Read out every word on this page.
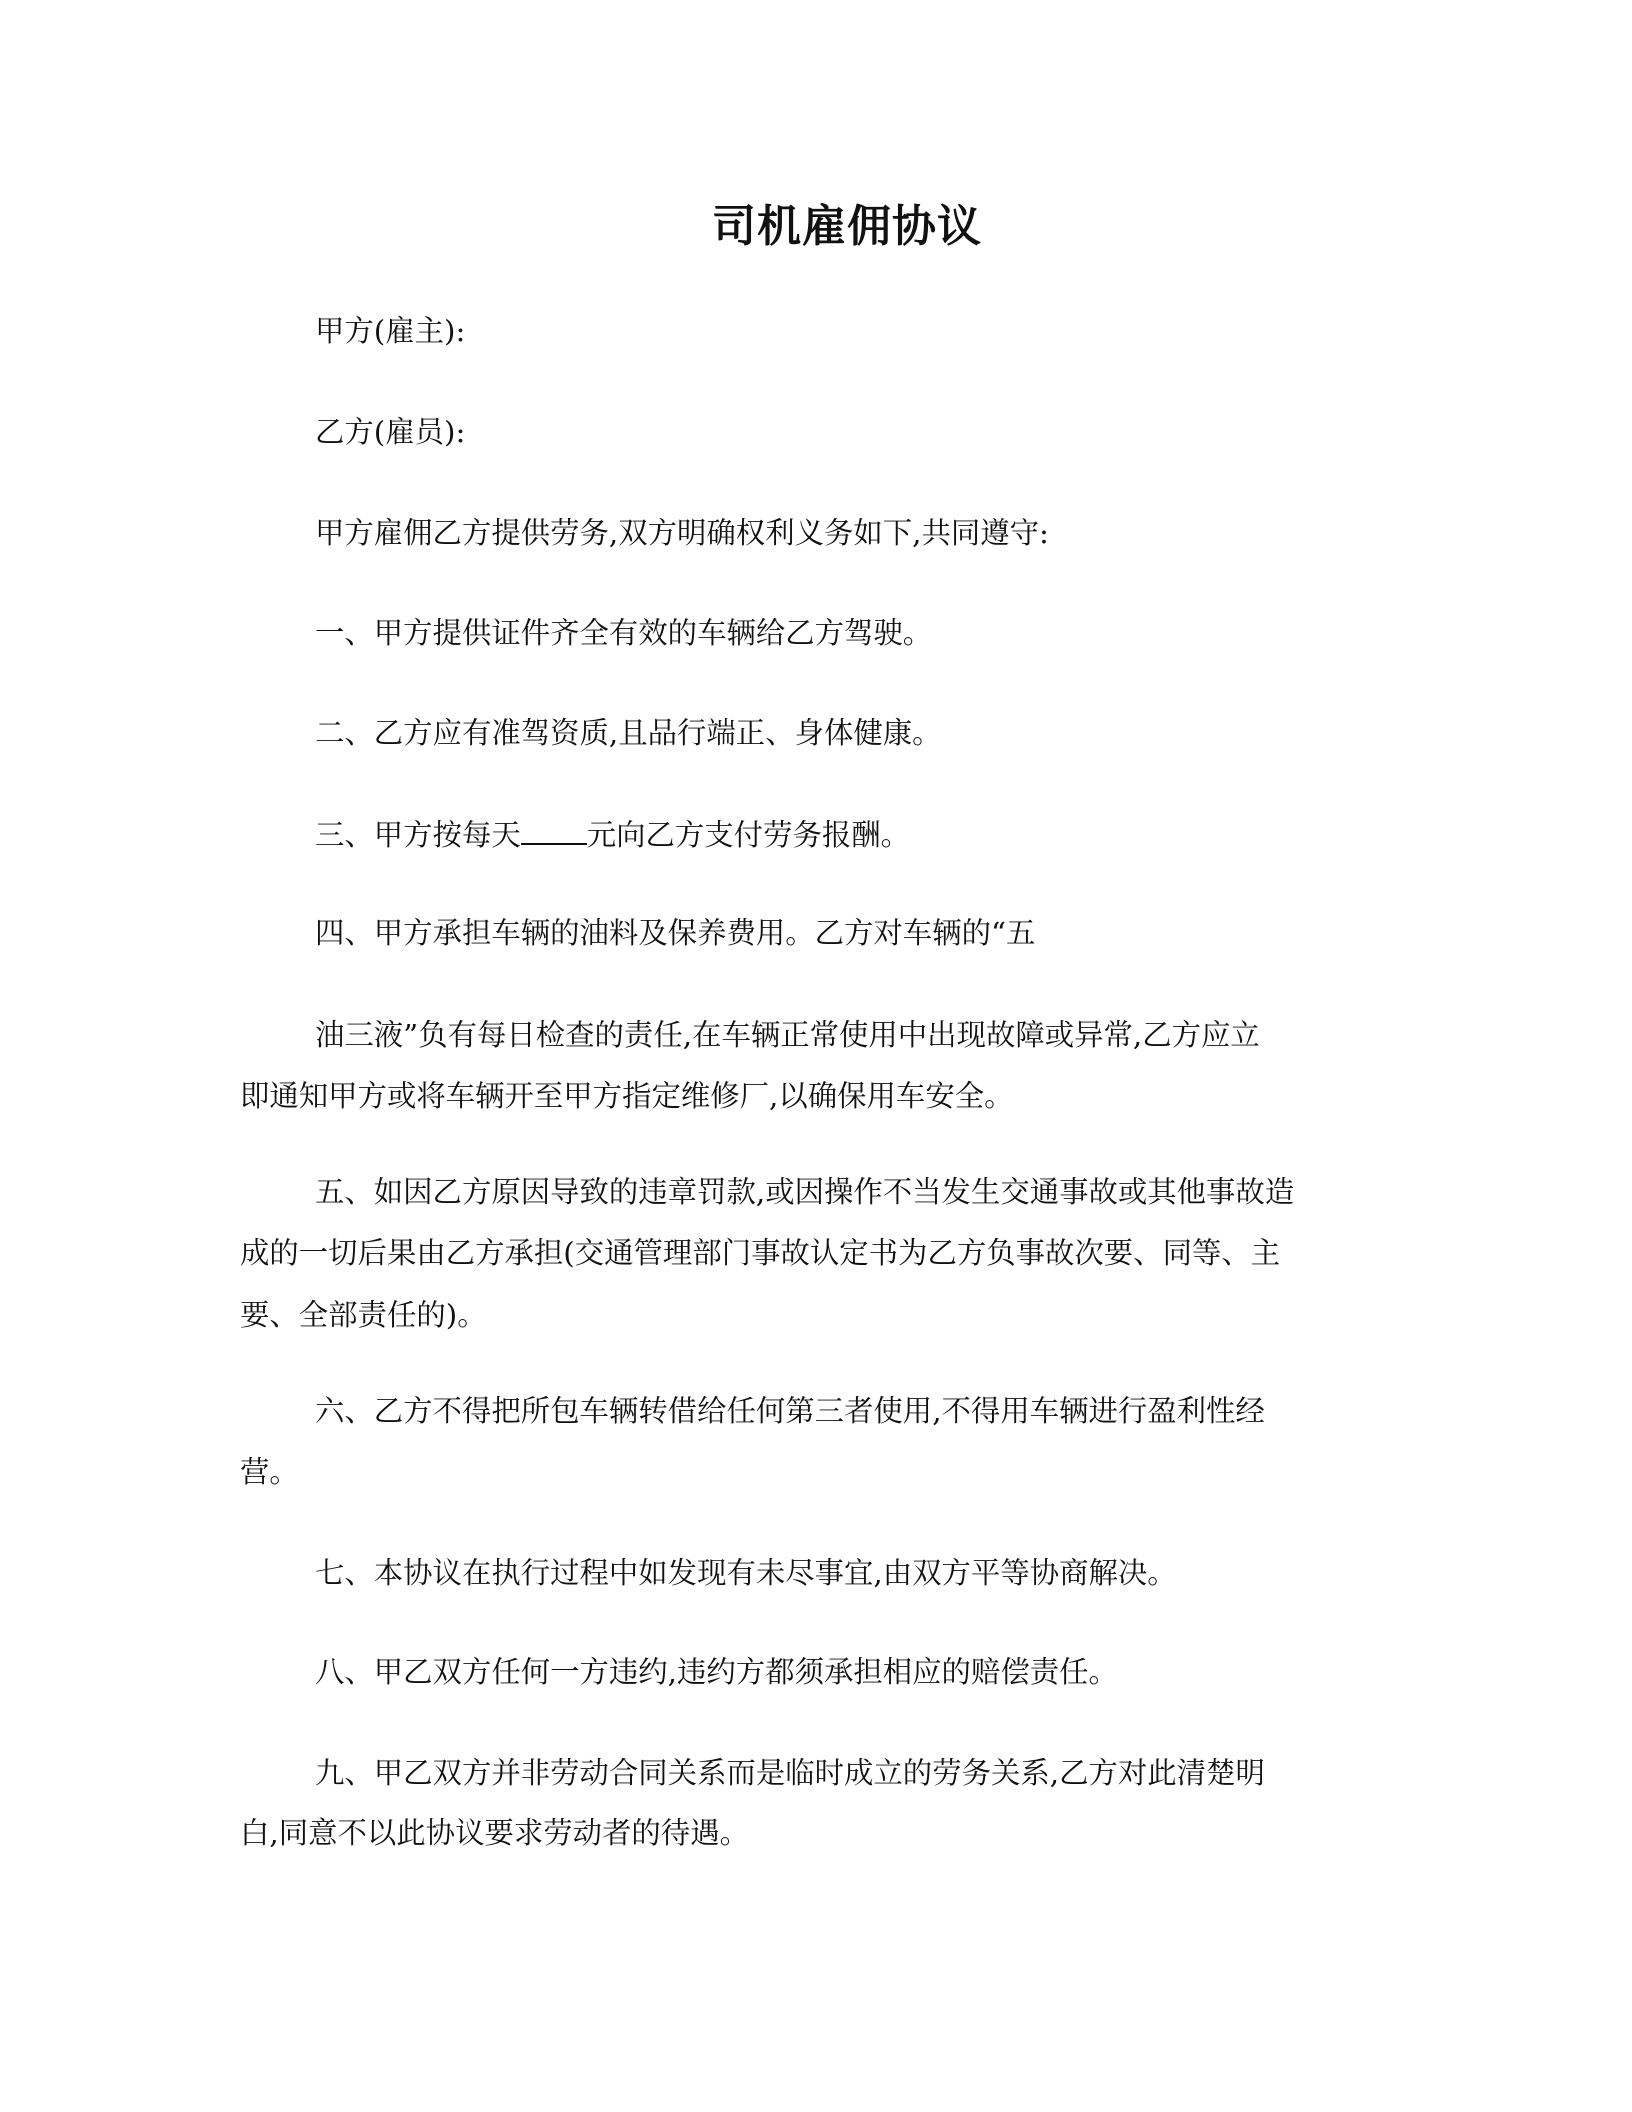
司机雇佣协议
甲方(雇主):
乙方(雇员):
甲方雇佣乙方提供劳务,双方明确权利义务如下,共同遵守:
一、甲方提供证件齐全有效的车辆给乙方驾驶。
二、乙方应有准驾资质,且品行端正、身体健康。
三、甲方按每天 元向乙方支付劳务报酬。
四、甲方承担车辆的油料及保养费用。乙方对车辆的“五
油三液”负有每日检查的责任,在车辆正常使用中出现故障或异常,乙方应立
即通知甲方或将车辆开至甲方指定维修厂,以确保用车安全。
五、如因乙方原因导致的违章罚款,或因操作不当发生交通事故或其他事故造
成的一切后果由乙方承担(交通管理部门事故认定书为乙方负事故次要、同等、主
要、全部责任的)。
六、乙方不得把所包车辆转借给任何第三者使用,不得用车辆进行盈利性经
营。
七、本协议在执行过程中如发现有未尽事宜,由双方平等协商解决。
八、甲乙双方任何一方违约,违约方都须承担相应的赔偿责任。
九、甲乙双方并非劳动合同关系而是临时成立的劳务关系,乙方对此清楚明
白,同意不以此协议要求劳动者的待遇。
